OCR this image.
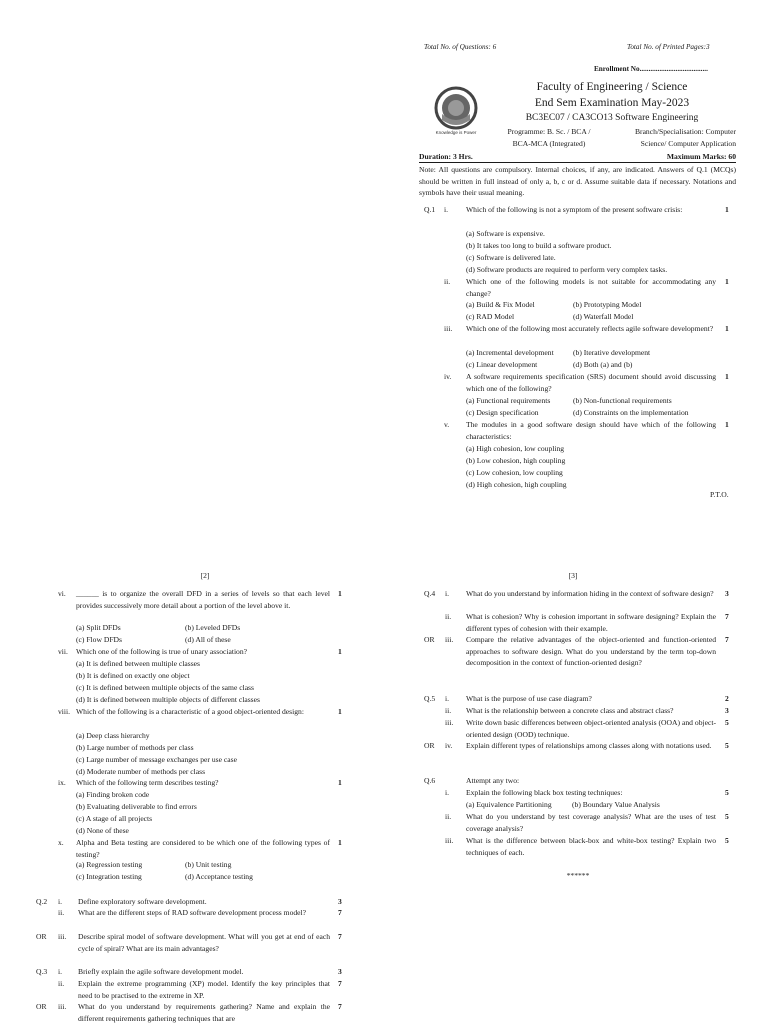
Total No. of Questions: 6	Total No. of Printed Pages:3
Enrollment No......................................
Knowledge is Power
Faculty of Engineering / Science
End Sem Examination May-2023
BC3EC07 / CA3CO13 Software Engineering
Programme: B. Sc. / BCA /
BCA-MCA (Integrated)
Branch/Specialisation: Computer
Science/ Computer Application
Duration: 3 Hrs.	Maximum Marks: 60
Note: All questions are compulsory. Internal choices, if any, are indicated. Answers of Q.1 (MCQs) should be written in full instead of only a, b, c or d. Assume suitable data if necessary. Notations and symbols have their usual meaning.
Q.1 i. Which of the following is not a symptom of the present software crisis:	1
(a) Software is expensive.
(b) It takes too long to build a software product.
(c) Software is delivered late.
(d) Software products are required to perform very complex tasks.
ii. Which one of the following models is not suitable for accommodating any change?
1
(a) Build & Fix Model	(b) Prototyping Model
(c) RAD Model	(d) Waterfall Model
iii. Which one of the following most accurately reflects agile software development?	1
(a) Incremental development	(b) Iterative development
(c) Linear development	(d) Both (a) and (b)
iv. A software requirements specification (SRS) document should avoid discussing which one of the following?
1
(a) Functional requirements	(b) Non-functional requirements
(c) Design specification	(d) Constraints on the implementation
v. The modules in a good software design should have which of the following characteristics:
1
(a) High cohesion, low coupling
(b) Low cohesion, high coupling
(c) Low cohesion, low coupling
(d) High cohesion, high coupling
P.T.O.
[2]
vi. ______ is to organize the overall DFD in a series of levels so that each level provides successively more detail about a portion of the level above it.
1
(a) Split DFDs	(b) Leveled DFDs
(c) Flow DFDs	(d) All of these
vii. Which one of the following is true of unary association?	1
(a) It is defined between multiple classes
(b) It is defined on exactly one object
(c) It is defined between multiple objects of the same class
(d) It is defined between multiple objects of different classes
viii. Which of the following is a characteristic of a good object-oriented design:	1
(a) Deep class hierarchy
(b) Large number of methods per class
(c) Large number of message exchanges per use case
(d) Moderate number of methods per class
ix. Which of the following term describes testing?	1
(a) Finding broken code
(b) Evaluating deliverable to find errors
(c) A stage of all projects
(d) None of these
x. Alpha and Beta testing are considered to be which one of the following types of testing?
1
(a) Regression testing	(b) Unit testing
(c) Integration testing	(d) Acceptance testing
Q.2 i. Define exploratory software development.	3
ii. What are the different steps of RAD software development process model?	7
OR iii. Describe spiral model of software development. What will you get at end of each cycle of spiral? What are its main advantages?
7
Q.3 i. Briefly explain the agile software development model.	3
ii. Explain the extreme programming (XP) model. Identify the key principles that need to be practised to the extreme in XP.
7
OR iii. What do you understand by requirements gathering? Name and explain the different requirements gathering techniques that are
7
[3]
Q.4 i. What do you understand by information hiding in the context of software design?	3
ii. What is cohesion? Why is cohesion important in software designing? Explain the different types of cohesion with their example.
7
OR iii. Compare the relative advantages of the object-oriented and function-oriented approaches to software design. What do you understand by the term top-down decomposition in the context of function-oriented design?
7
Q.5 i. What is the purpose of use case diagram?	2
ii. What is the relationship between a concrete class and abstract class?	3
iii. Write down basic differences between object-oriented analysis (OOA) and object-oriented design (OOD) technique.
5
OR iv. Explain different types of relationships among classes along with notations used.	5
Q.6	Attempt any two:
i. Explain the following black box testing techniques:	5
(a) Equivalence Partitioning	(b) Boundary Value Analysis
ii. What do you understand by test coverage analysis? What are the uses of test coverage analysis?
5
iii. What is the difference between black-box and white-box testing? Explain two techniques of each.
5
******
